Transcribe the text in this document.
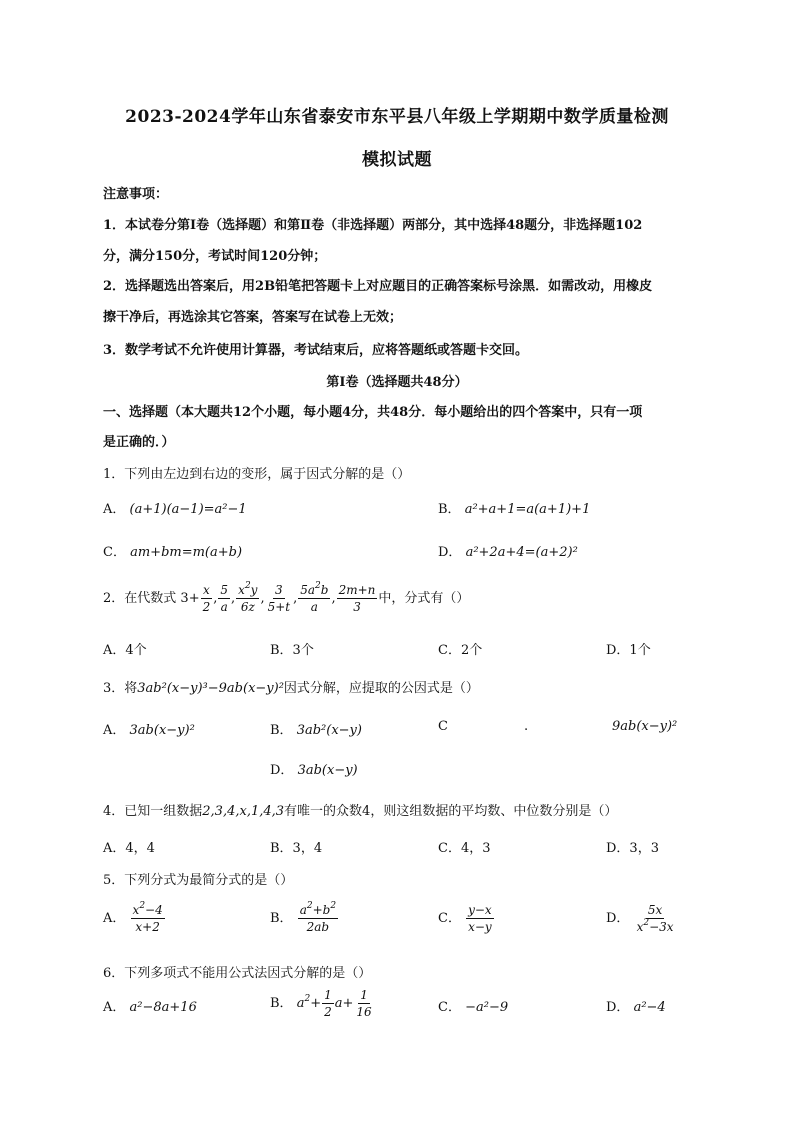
2023-2024学年山东省泰安市东平县八年级上学期期中数学质量检测
模拟试题
注意事项：
1．本试卷分第Ⅰ卷（选择题）和第Ⅱ卷（非选择题）两部分，其中选择48题分，非选择题102
分，满分150分，考试时间120分钟；
2．选择题选出答案后，用2B铅笔把答题卡上对应题目的正确答案标号涂黑．如需改动，用橡皮
擦干净后，再选涂其它答案，答案写在试卷上无效；
3．数学考试不允许使用计算器，考试结束后，应将答题纸或答题卡交回。
第Ⅰ卷（选择题共48分）
一、选择题（本大题共12个小题，每小题4分，共48分．每小题给出的四个答案中，只有一项
是正确的．）
1．下列由左边到右边的变形，属于因式分解的是（）
A． (a+1)(a−1)=a²−1	B． a²+a+1=a(a+1)+1
C． am+bm=m(a+b)	D． a²+2a+4=(a+2)²
2．在代数式 $3+ \frac{x}{2}$ , $\frac{5}{a}$ , $\frac{x^2y}{6z}$ , $\frac{3}{5+t}$ , $\frac{5a^2b}{a}$ , $\frac{2m+n}{3}$ 中，分式有（）
A．4个	B．3个	C．2个	D．1个
3．将3ab²(x−y)³−9ab(x−y)²因式分解，应提取的公因式是（）
A． 3ab(x−y)²	B． 3ab²(x−y)	C	.	9ab(x−y)²
D． 3ab(x−y)
4．已知一组数据2,3,4,x,1,4,3有唯一的众数4，则这组数据的平均数、中位数分别是（）
A．4，4	B．3，4	C．4，3	D．3，3
5．下列分式为最简分式的是（）
A． $\frac{x^2-4}{x+2}$	B． $\frac{a^2+b^2}{2ab}$	C． $\frac{y-x}{x-y}$	D． $\frac{5x}{x^2-3x}$
6．下列多项式不能用公式法因式分解的是（）
A． a²−8a+16	B． $a^2+ \frac{1}{2} a+ \frac{1}{16}$	C． −a²−9	D． a²−4
